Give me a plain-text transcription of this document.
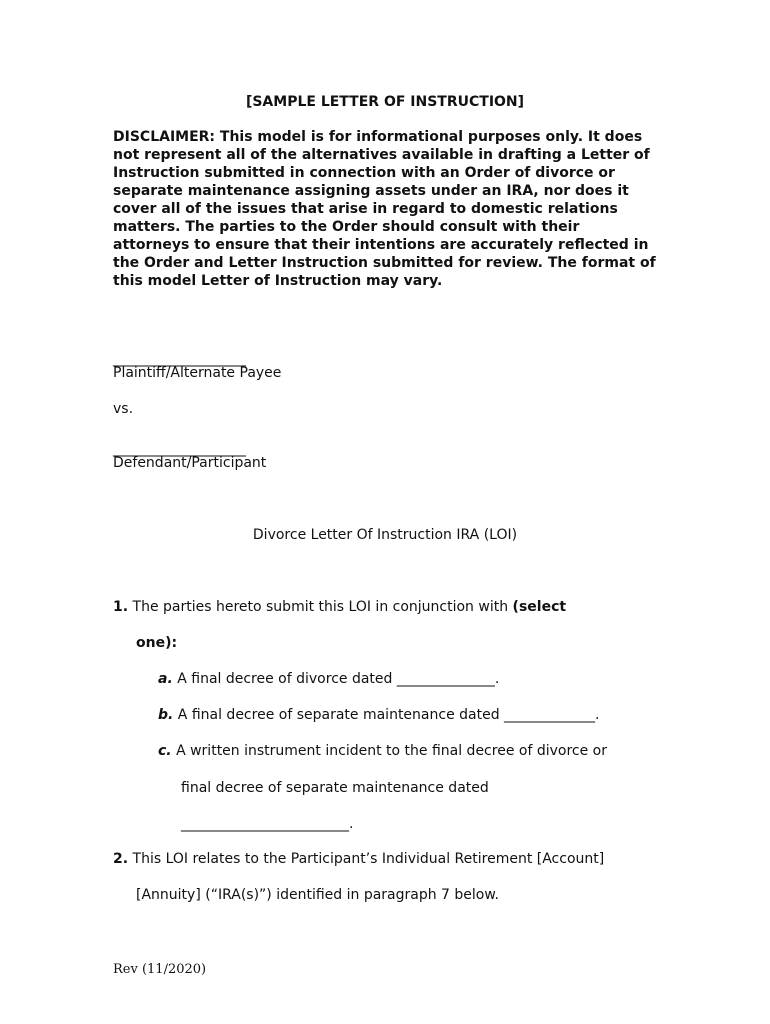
[SAMPLE LETTER OF INSTRUCTION]
DISCLAIMER: This model is for informational purposes only. It does not represent all of the alternatives available in drafting a Letter of Instruction submitted in connection with an Order of divorce or separate maintenance assigning assets under an IRA, nor does it cover all of the issues that arise in regard to domestic relations matters. The parties to the Order should consult with their attorneys to ensure that their intentions are accurately reflected in the Order and Letter Instruction submitted for review. The format of this model Letter of Instruction may vary.
___________________
Plaintiff/Alternate Payee
vs.
___________________
Defendant/Participant
Divorce Letter Of Instruction IRA (LOI)
1. The parties hereto submit this LOI in conjunction with (select
one):
a. A final decree of divorce dated ______________.
b. A final decree of separate maintenance dated _____________.
c. A written instrument incident to the final decree of divorce or
final decree of separate maintenance dated
________________________.
2. This LOI relates to the Participant’s Individual Retirement [Account]
[Annuity] (“IRA(s)”) identified in paragraph 7 below.
Rev (11/2020)
